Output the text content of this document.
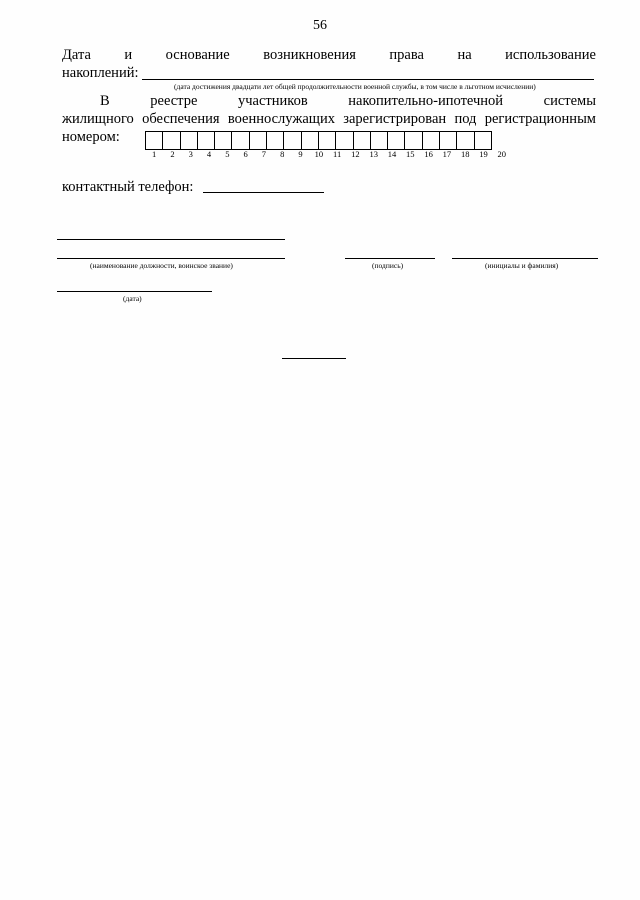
56
Дата и основание возникновения права на использование
накоплений:
(дата достижения двадцати лет общей продолжительности военной службы, в том числе в льготном исчислении)
В	реестре	участников	накопительно-ипотечной	системы
жилищного обеспечения военнослужащих зарегистрирован под регистрационным
номером:
1	2	3	4	5	6	7	8	9	10	11	12	13	14	15	16	17	18	19	20
контактный телефон:
(наименование должности, воинское звание)	(подпись)	(инициалы и фамилия)
(дата)
